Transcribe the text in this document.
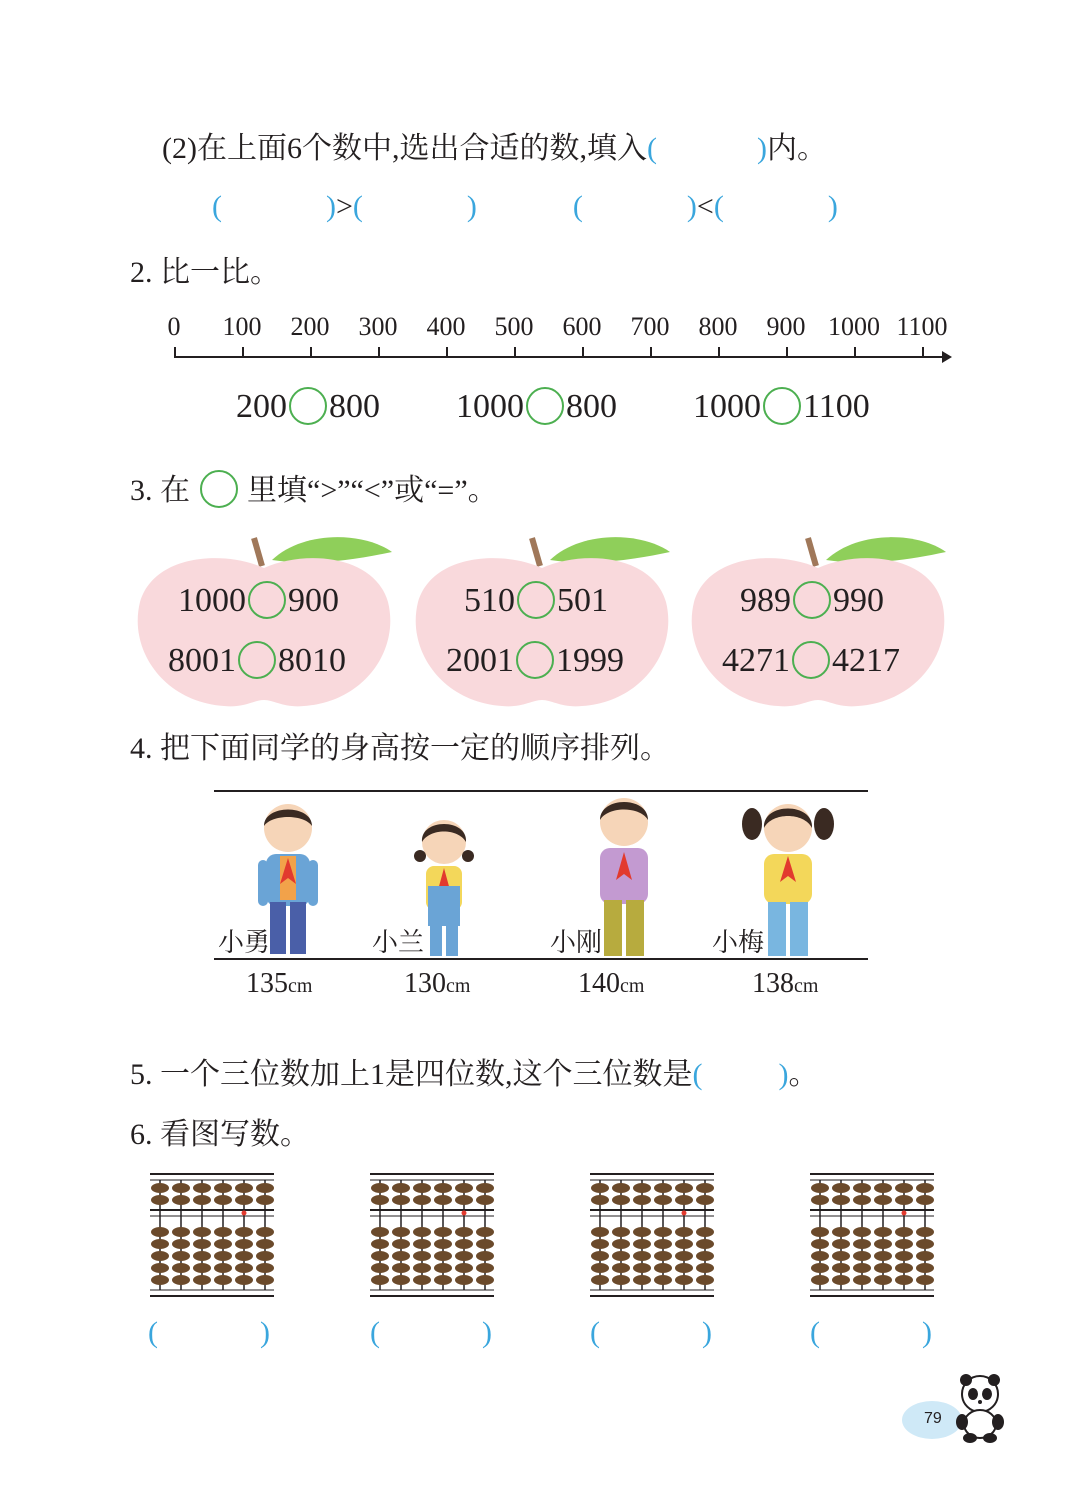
(2)在上面6个数中,选出合适的数,填入(	)内。
(	)>(	)	(	)<(	)
2. 比一比。
0 100 200 300 400 500 600 700 800 900 1000 1100
200 800 1000 800 1000 1100
3. 在 里填“>”“<”或“=”。
1000 900
8001 8010
510 501
2001 1999
989 990
4271 4217
4. 把下面同学的身高按一定的顺序排列。
小勇	小兰	小刚	小梅
135cm	130cm	140cm	138cm
5. 一个三位数加上1是四位数,这个三位数是(	)。
6. 看图写数。
(	)	(	)	(	)	(	)
79
